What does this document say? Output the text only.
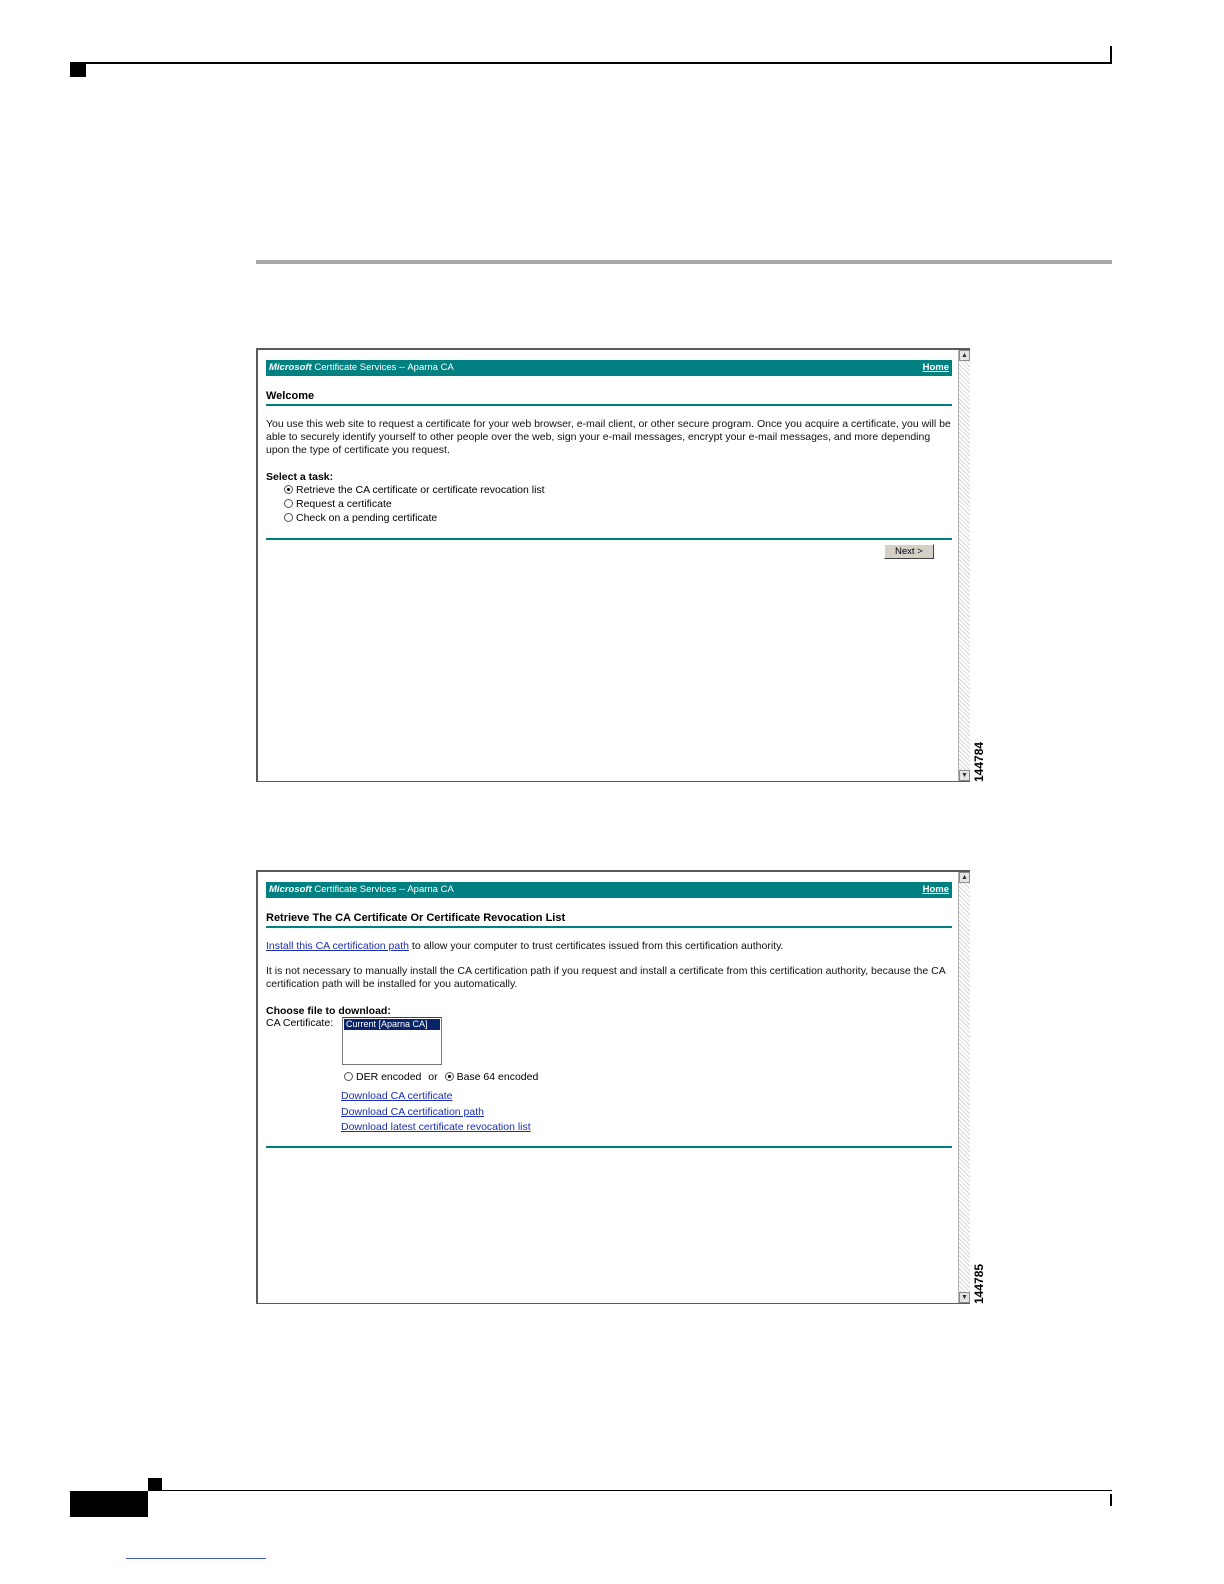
Microsoft Certificate Services -- Aparna CA	Home
Welcome

You use this web site to request a certificate for your web browser, e-mail client, or other secure program. Once you acquire a certificate, you will be able to securely identify yourself to other people over the web, sign your e-mail messages, encrypt your e-mail messages, and more depending upon the type of certificate you request.

Select a task:
Retrieve the CA certificate or certificate revocation list
Request a certificate
Check on a pending certificate
Next >
▲
▼ 144784
Microsoft Certificate Services -- Aparna CA	Home
Retrieve The CA Certificate Or Certificate Revocation List

Install this CA certification path to allow your computer to trust certificates issued from this certification authority.

It is not necessary to manually install the CA certification path if you request and install a certificate from this certification authority, because the CA certification path will be installed for you automatically.

Choose file to download:
CA Certificate: Current [Aparna CA]
DER encoded or Base 64 encoded
Download CA certificate
Download CA certification path
Download latest certificate revocation list
▲
▼ 144785
